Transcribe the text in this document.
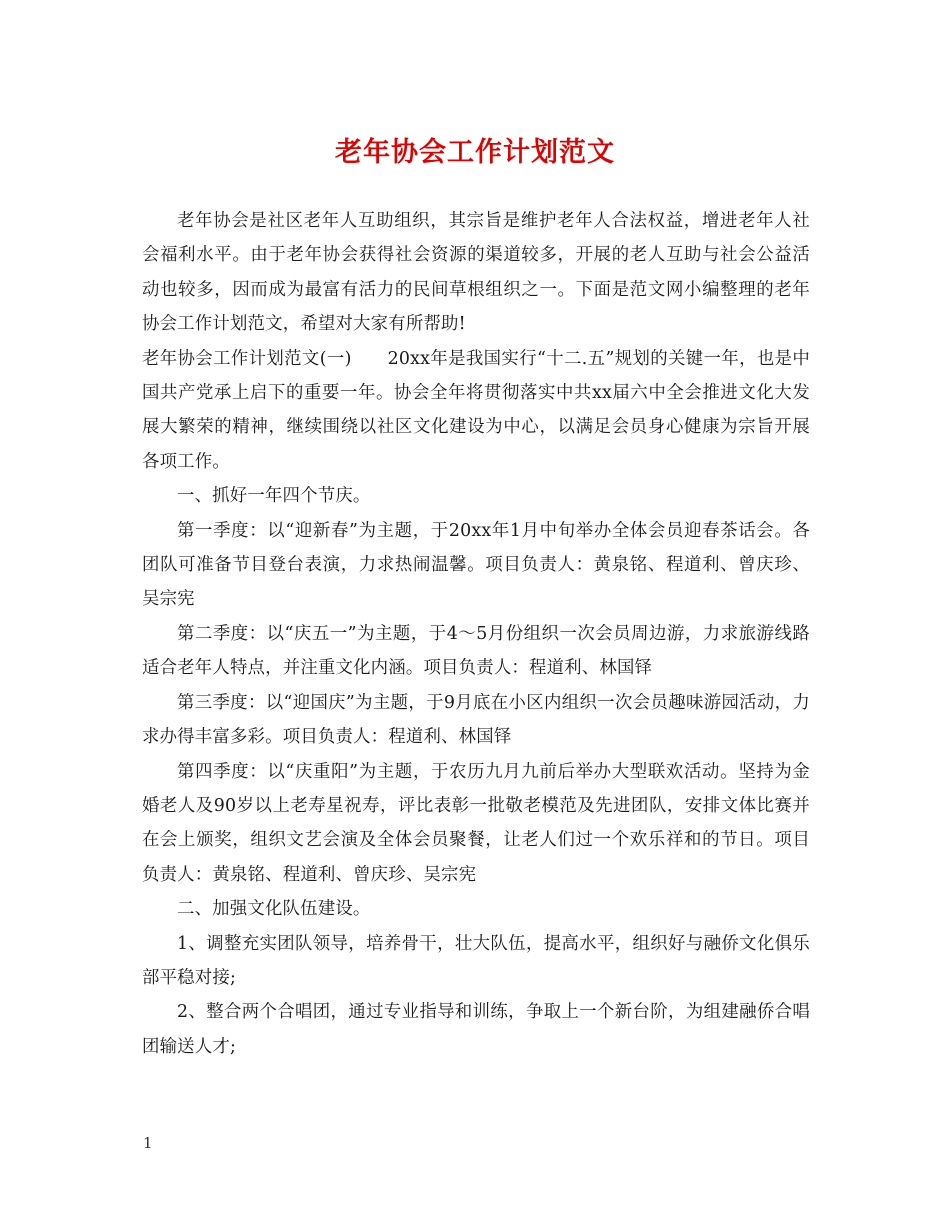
老年协会工作计划范文

老年协会是社区老年人互助组织，其宗旨是维护老年人合法权益，增进老年人社会福利水平。由于老年协会获得社会资源的渠道较多，开展的老人互助与社会公益活动也较多，因而成为最富有活力的民间草根组织之一。下面是范文网小编整理的老年协会工作计划范文，希望对大家有所帮助!

老年协会工作计划范文(一) 20xx年是我国实行“十二.五”规划的关键一年，也是中国共产党承上启下的重要一年。协会全年将贯彻落实中共xx届六中全会推进文化大发展大繁荣的精神，继续围绕以社区文化建设为中心，以满足会员身心健康为宗旨开展各项工作。

一、抓好一年四个节庆。

第一季度：以“迎新春”为主题，于20xx年1月中旬举办全体会员迎春茶话会。各团队可准备节目登台表演，力求热闹温馨。项目负责人：黄泉铭、程道利、曾庆珍、吴宗宪

第二季度：以“庆五一”为主题，于4～5月份组织一次会员周边游，力求旅游线路适合老年人特点，并注重文化内涵。项目负责人：程道利、林国铎

第三季度：以“迎国庆”为主题，于9月底在小区内组织一次会员趣味游园活动，力求办得丰富多彩。项目负责人：程道利、林国铎

第四季度：以“庆重阳”为主题，于农历九月九前后举办大型联欢活动。坚持为金婚老人及90岁以上老寿星祝寿，评比表彰一批敬老模范及先进团队，安排文体比赛并在会上颁奖，组织文艺会演及全体会员聚餐，让老人们过一个欢乐祥和的节日。项目负责人：黄泉铭、程道利、曾庆珍、吴宗宪

二、加强文化队伍建设。

1、调整充实团队领导，培养骨干，壮大队伍，提高水平，组织好与融侨文化俱乐部平稳对接;

2、整合两个合唱团，通过专业指导和训练，争取上一个新台阶，为组建融侨合唱团输送人才;

1
